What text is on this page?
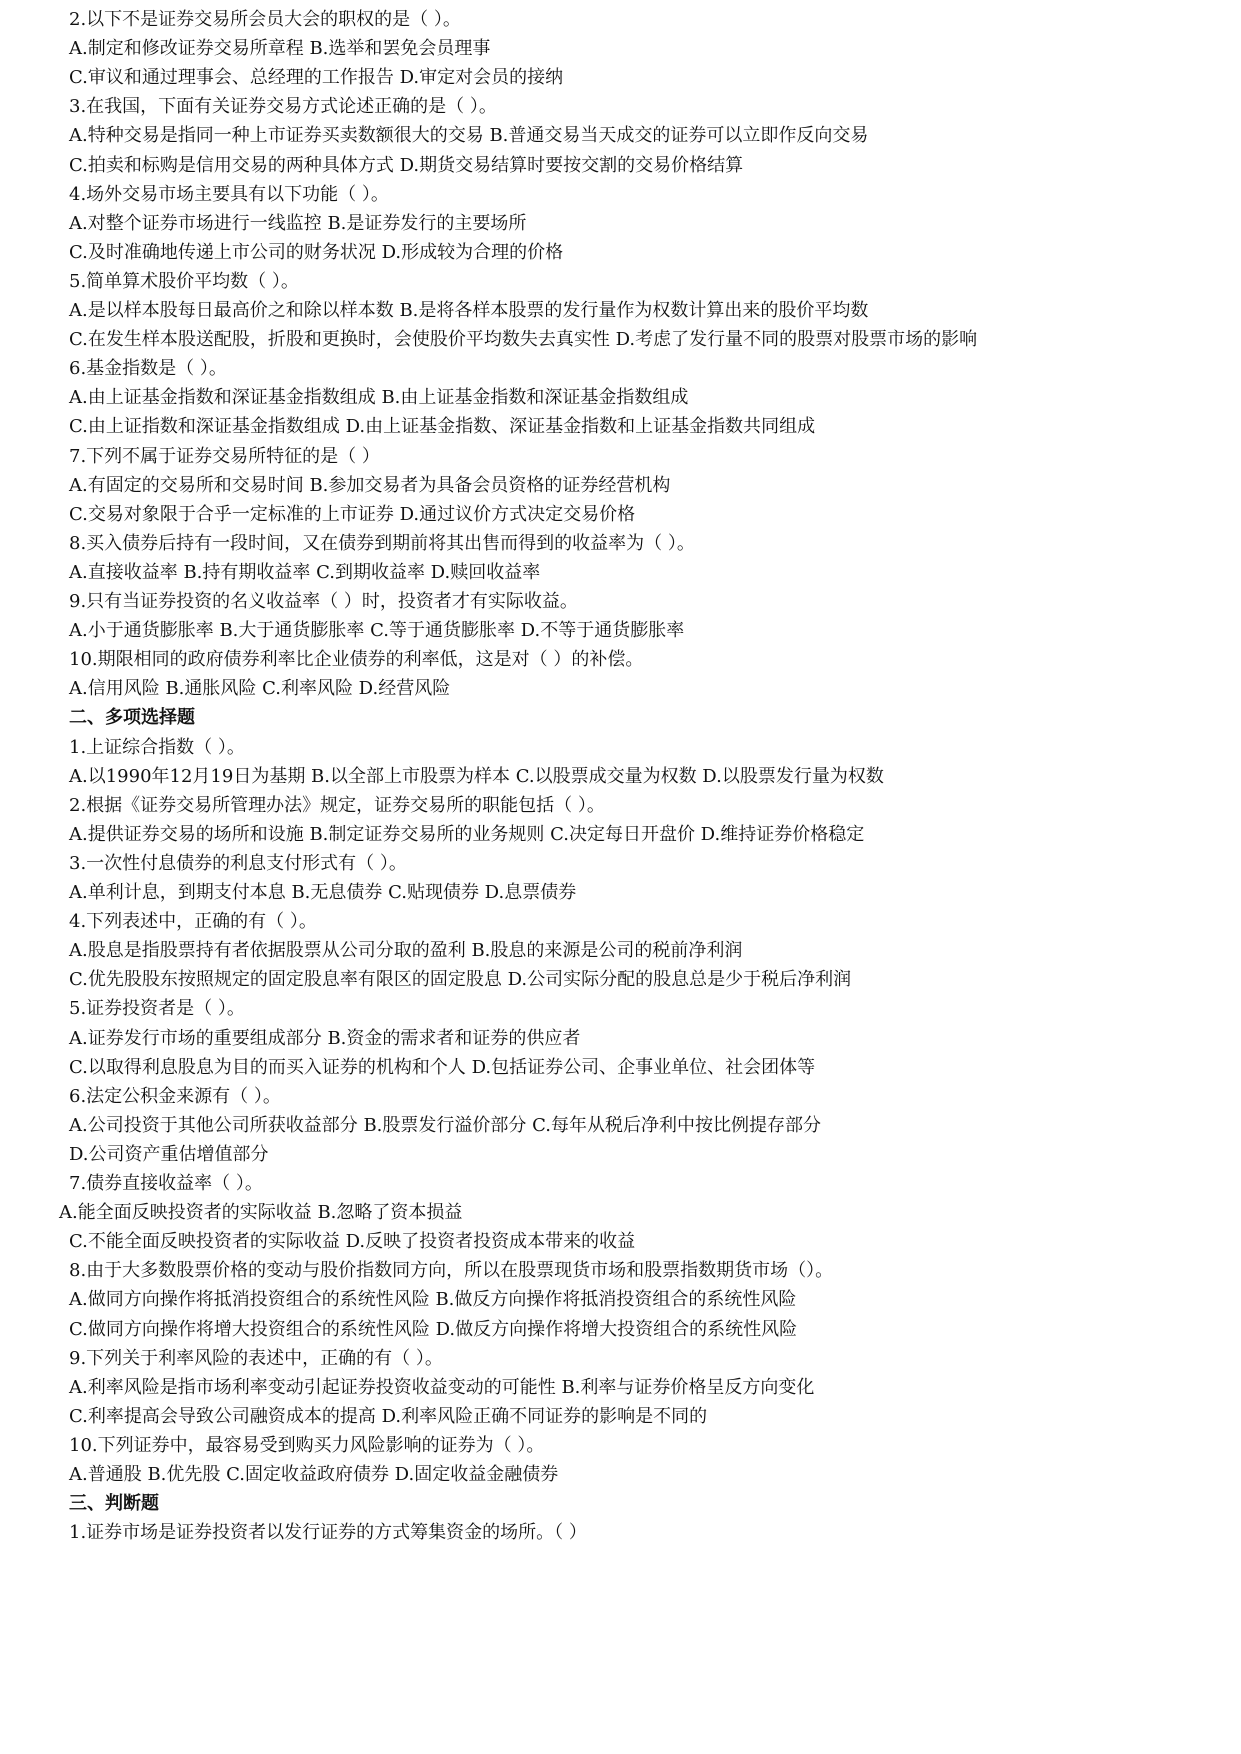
2.以下不是证券交易所会员大会的职权的是（ ）。
A.制定和修改证券交易所章程 B.选举和罢免会员理事
C.审议和通过理事会、总经理的工作报告 D.审定对会员的接纳
3.在我国，下面有关证券交易方式论述正确的是（ ）。
A.特种交易是指同一种上市证券买卖数额很大的交易 B.普通交易当天成交的证券可以立即作反向交易
C.拍卖和标购是信用交易的两种具体方式 D.期货交易结算时要按交割的交易价格结算
4.场外交易市场主要具有以下功能（ ）。
A.对整个证券市场进行一线监控 B.是证券发行的主要场所
C.及时准确地传递上市公司的财务状况 D.形成较为合理的价格
5.简单算术股价平均数（ ）。
A.是以样本股每日最高价之和除以样本数 B.是将各样本股票的发行量作为权数计算出来的股价平均数
C.在发生样本股送配股，折股和更换时，会使股价平均数失去真实性 D.考虑了发行量不同的股票对股票市场的影响
6.基金指数是（ ）。
A.由上证基金指数和深证基金指数组成 B.由上证基金指数和深证基金指数组成
C.由上证指数和深证基金指数组成 D.由上证基金指数、深证基金指数和上证基金指数共同组成
7.下列不属于证券交易所特征的是（ ）
A.有固定的交易所和交易时间 B.参加交易者为具备会员资格的证券经营机构
C.交易对象限于合乎一定标准的上市证券 D.通过议价方式决定交易价格
8.买入债券后持有一段时间，又在债券到期前将其出售而得到的收益率为（ ）。
A.直接收益率 B.持有期收益率 C.到期收益率 D.赎回收益率
9.只有当证券投资的名义收益率（ ）时，投资者才有实际收益。
A.小于通货膨胀率 B.大于通货膨胀率 C.等于通货膨胀率 D.不等于通货膨胀率
10.期限相同的政府债券利率比企业债券的利率低，这是对（ ）的补偿。
A.信用风险 B.通胀风险 C.利率风险 D.经营风险
二、多项选择题
1.上证综合指数（ ）。
A.以1990年12月19日为基期 B.以全部上市股票为样本 C.以股票成交量为权数 D.以股票发行量为权数
2.根据《证券交易所管理办法》规定，证券交易所的职能包括（ ）。
A.提供证券交易的场所和设施 B.制定证券交易所的业务规则 C.决定每日开盘价 D.维持证券价格稳定
3.一次性付息债券的利息支付形式有（ ）。
A.单利计息，到期支付本息 B.无息债券 C.贴现债券 D.息票债券
4.下列表述中，正确的有（ ）。
A.股息是指股票持有者依据股票从公司分取的盈利 B.股息的来源是公司的税前净利润
C.优先股股东按照规定的固定股息率有限区的固定股息 D.公司实际分配的股息总是少于税后净利润
5.证券投资者是（ ）。
A.证券发行市场的重要组成部分 B.资金的需求者和证券的供应者
C.以取得利息股息为目的而买入证券的机构和个人 D.包括证券公司、企事业单位、社会团体等
6.法定公积金来源有（ ）。
A.公司投资于其他公司所获收益部分 B.股票发行溢价部分 C.每年从税后净利中按比例提存部分
D.公司资产重估增值部分
7.债券直接收益率（ ）。
A.能全面反映投资者的实际收益 B.忽略了资本损益
C.不能全面反映投资者的实际收益 D.反映了投资者投资成本带来的收益
8.由于大多数股票价格的变动与股价指数同方向，所以在股票现货市场和股票指数期货市场（）。
A.做同方向操作将抵消投资组合的系统性风险 B.做反方向操作将抵消投资组合的系统性风险
C.做同方向操作将增大投资组合的系统性风险 D.做反方向操作将增大投资组合的系统性风险
9.下列关于利率风险的表述中，正确的有（ ）。
A.利率风险是指市场利率变动引起证券投资收益变动的可能性 B.利率与证券价格呈反方向变化
C.利率提高会导致公司融资成本的提高 D.利率风险正确不同证券的影响是不同的
10.下列证券中，最容易受到购买力风险影响的证券为（ ）。
A.普通股 B.优先股 C.固定收益政府债券 D.固定收益金融债券
三、判断题
1.证券市场是证券投资者以发行证券的方式筹集资金的场所。（ ）
